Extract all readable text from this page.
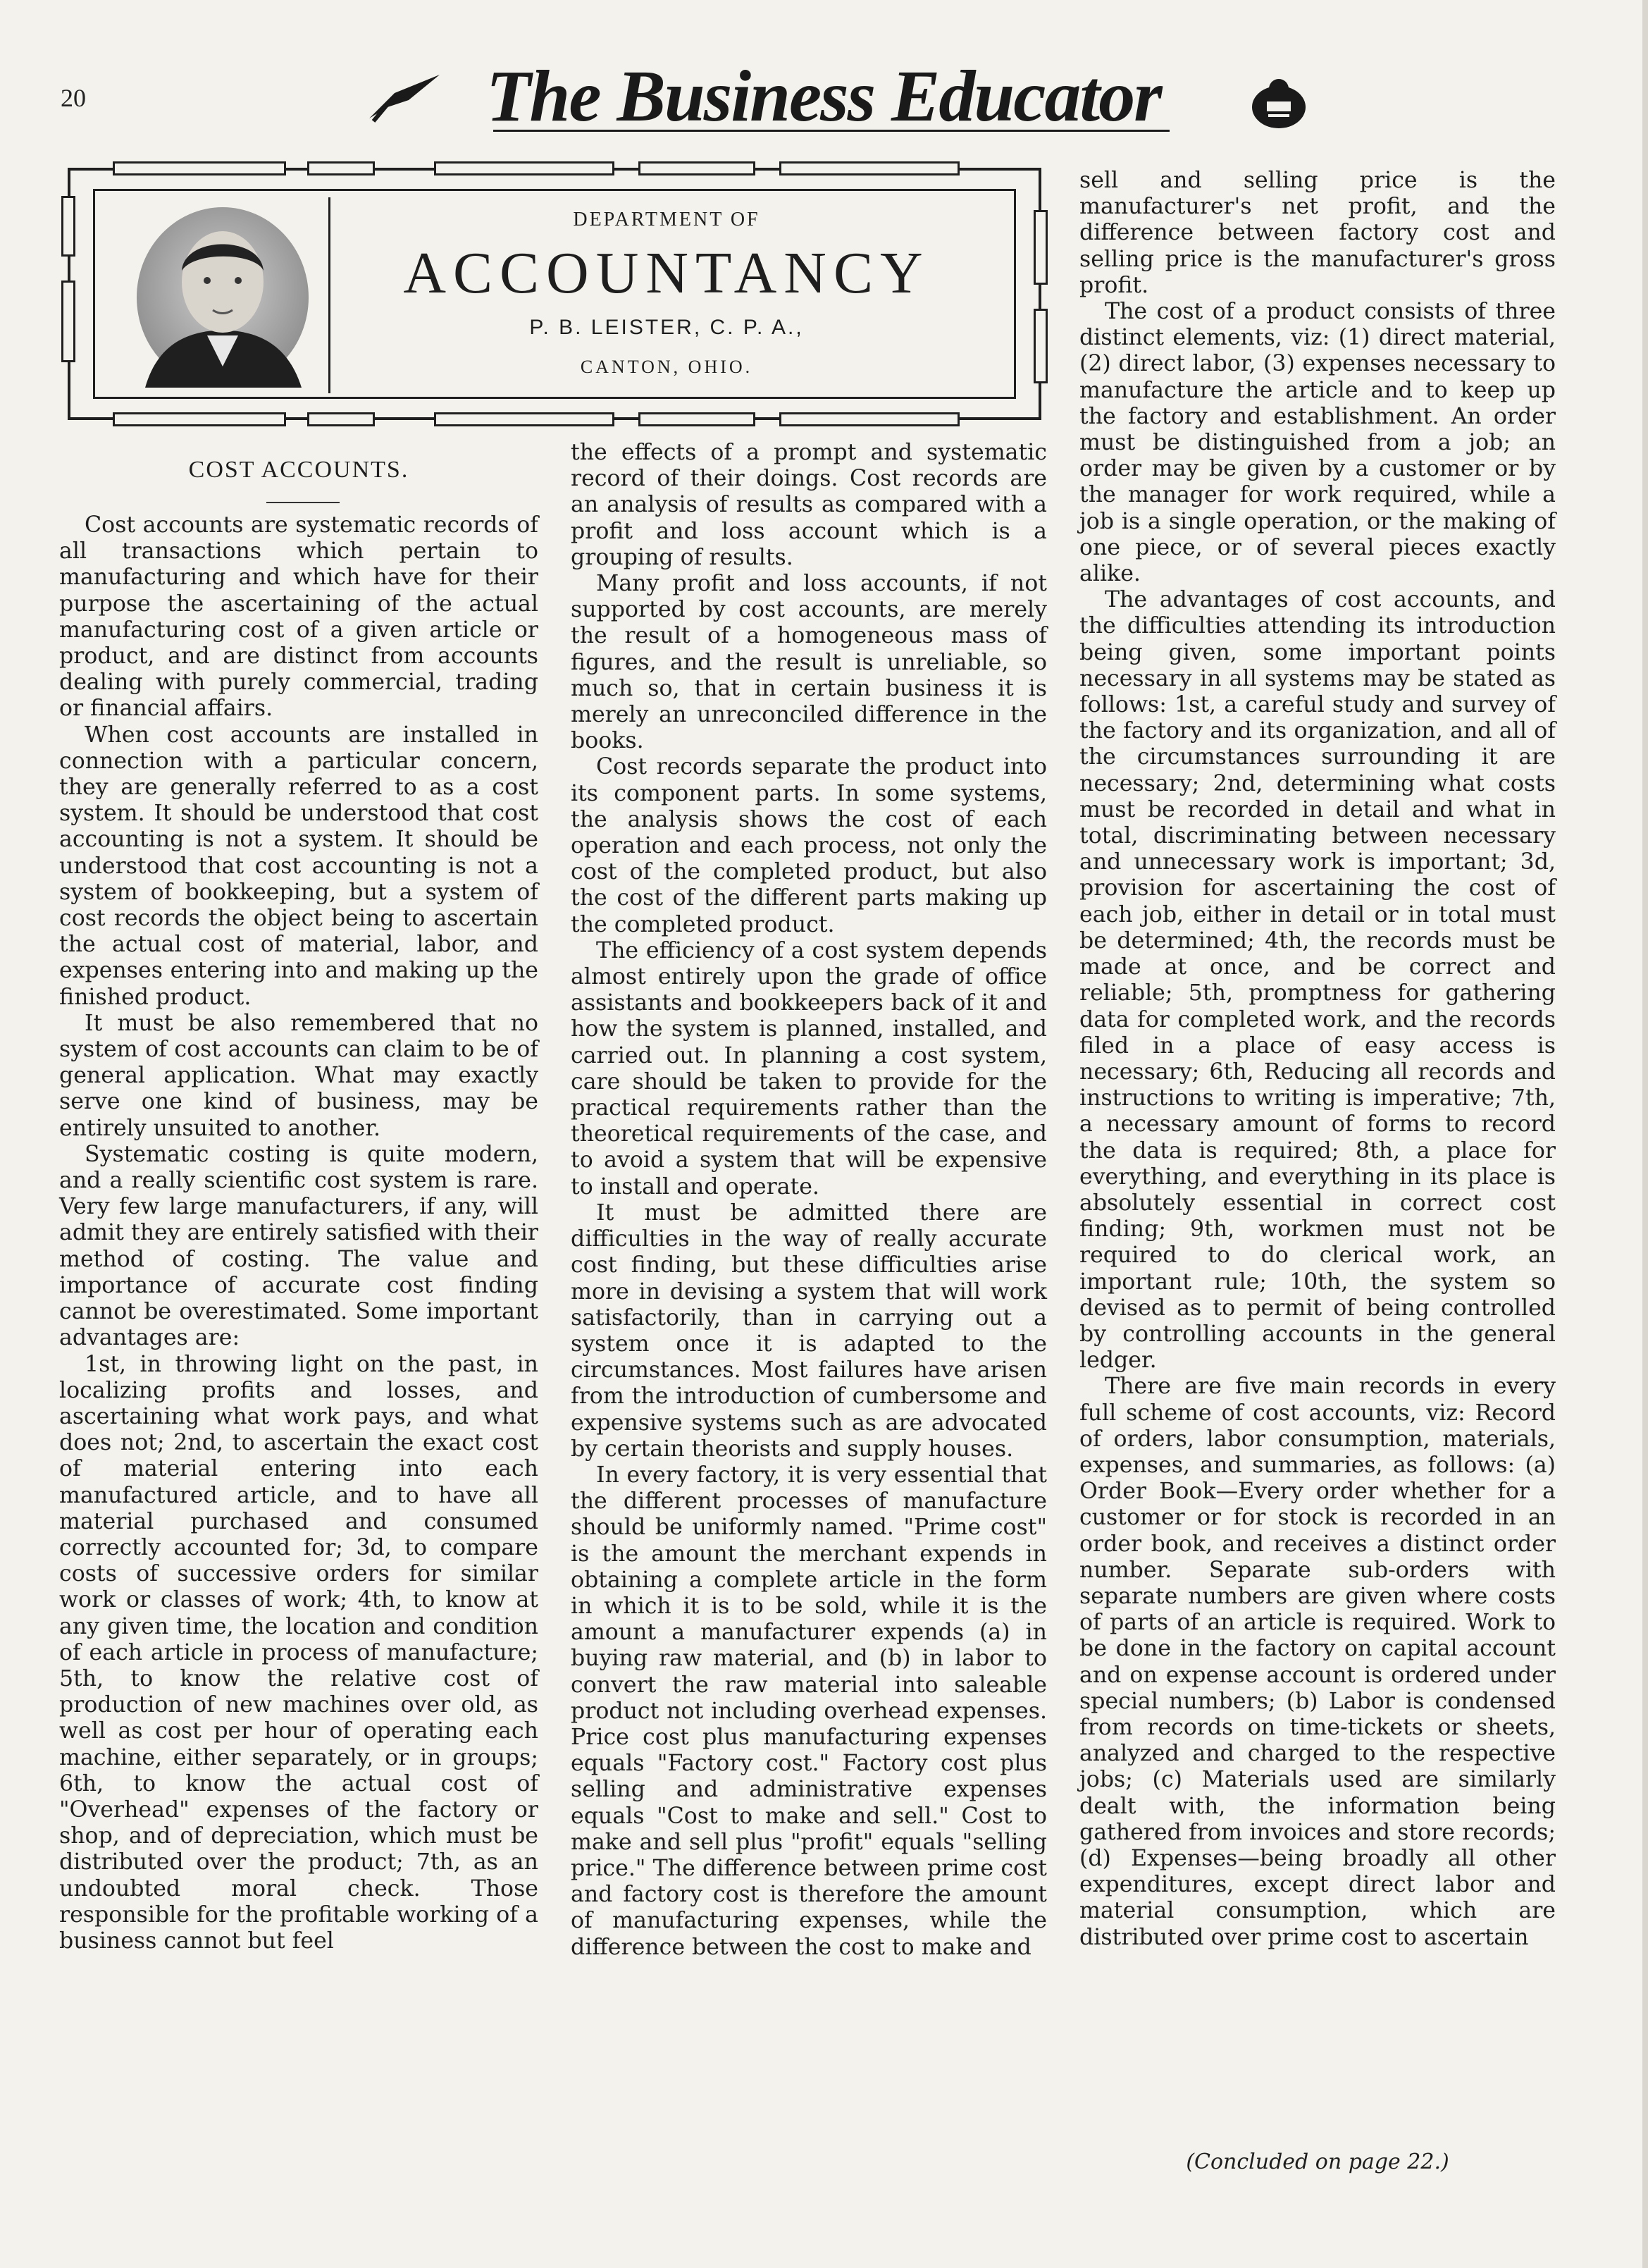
20	The Business Educator
DEPARTMENT OF
ACCOUNTANCY
P. B. LEISTER, C. P. A.,
CANTON, OHIO.
COST ACCOUNTS.

Cost accounts are systematic records of all transactions which pertain to manufacturing and which have for their purpose the ascertaining of the actual manufacturing cost of a given article or product, and are distinct from accounts dealing with purely commercial, trading or financial affairs.

When cost accounts are installed in connection with a particular concern, they are generally referred to as a cost system. It should be understood that cost accounting is not a system. It should be understood that cost accounting is not a system of bookkeeping, but a system of cost records the object being to ascertain the actual cost of material, labor, and expenses entering into and making up the finished product.

It must be also remembered that no system of cost accounts can claim to be of general application. What may exactly serve one kind of business, may be entirely unsuited to another.

Systematic costing is quite modern, and a really scientific cost system is rare. Very few large manufacturers, if any, will admit they are entirely satisfied with their method of costing. The value and importance of accurate cost finding cannot be overestimated. Some important advantages are:

1st, in throwing light on the past, in localizing profits and losses, and ascertaining what work pays, and what does not; 2nd, to ascertain the exact cost of material entering into each manufactured article, and to have all material purchased and consumed correctly accounted for; 3d, to compare costs of successive orders for similar work or classes of work; 4th, to know at any given time, the location and condition of each article in process of manufacture; 5th, to know the relative cost of production of new machines over old, as well as cost per hour of operating each machine, either separately, or in groups; 6th, to know the actual cost of "Overhead" expenses of the factory or shop, and of depreciation, which must be distributed over the product; 7th, as an undoubted moral check. Those responsible for the profitable working of a business cannot but feel

the effects of a prompt and systematic record of their doings. Cost records are an analysis of results as compared with a profit and loss account which is a grouping of results.

Many profit and loss accounts, if not supported by cost accounts, are merely the result of a homogeneous mass of figures, and the result is unreliable, so much so, that in certain business it is merely an unreconciled difference in the books.

Cost records separate the product into its component parts. In some systems, the analysis shows the cost of each operation and each process, not only the cost of the completed product, but also the cost of the different parts making up the completed product.

The efficiency of a cost system depends almost entirely upon the grade of office assistants and bookkeepers back of it and how the system is planned, installed, and carried out. In planning a cost system, care should be taken to provide for the practical requirements rather than the theoretical requirements of the case, and to avoid a system that will be expensive to install and operate.

It must be admitted there are difficulties in the way of really accurate cost finding, but these difficulties arise more in devising a system that will work satisfactorily, than in carrying out a system once it is adapted to the circumstances. Most failures have arisen from the introduction of cumbersome and expensive systems such as are advocated by certain theorists and supply houses.

In every factory, it is very essential that the different processes of manufacture should be uniformly named. "Prime cost" is the amount the merchant expends in obtaining a complete article in the form in which it is to be sold, while it is the amount a manufacturer expends (a) in buying raw material, and (b) in labor to convert the raw material into saleable product not including overhead expenses. Price cost plus manufacturing expenses equals "Factory cost." Factory cost plus selling and administrative expenses equals "Cost to make and sell." Cost to make and sell plus "profit" equals "selling price." The difference between prime cost and factory cost is therefore the amount of manufacturing expenses, while the difference between the cost to make and

sell and selling price is the manufacturer's net profit, and the difference between factory cost and selling price is the manufacturer's gross profit.

The cost of a product consists of three distinct elements, viz: (1) direct material, (2) direct labor, (3) expenses necessary to manufacture the article and to keep up the factory and establishment. An order must be distinguished from a job; an order may be given by a customer or by the manager for work required, while a job is a single operation, or the making of one piece, or of several pieces exactly alike.

The advantages of cost accounts, and the difficulties attending its introduction being given, some important points necessary in all systems may be stated as follows: 1st, a careful study and survey of the factory and its organization, and all of the circumstances surrounding it are necessary; 2nd, determining what costs must be recorded in detail and what in total, discriminating between necessary and unnecessary work is important; 3d, provision for ascertaining the cost of each job, either in detail or in total must be determined; 4th, the records must be made at once, and be correct and reliable; 5th, promptness for gathering data for completed work, and the records filed in a place of easy access is necessary; 6th, Reducing all records and instructions to writing is imperative; 7th, a necessary amount of forms to record the data is required; 8th, a place for everything, and everything in its place is absolutely essential in correct cost finding; 9th, workmen must not be required to do clerical work, an important rule; 10th, the system so devised as to permit of being controlled by controlling accounts in the general ledger.

There are five main records in every full scheme of cost accounts, viz: Record of orders, labor consumption, materials, expenses, and summaries, as follows: (a) Order Book—Every order whether for a customer or for stock is recorded in an order book, and receives a distinct order number. Separate sub-orders with separate numbers are given where costs of parts of an article is required. Work to be done in the factory on capital account and on expense account is ordered under special numbers; (b) Labor is condensed from records on time-tickets or sheets, analyzed and charged to the respective jobs; (c) Materials used are similarly dealt with, the information being gathered from invoices and store records; (d) Expenses—being broadly all other expenditures, except direct labor and material consumption, which are distributed over prime cost to ascertain

(Concluded on page 22.)
